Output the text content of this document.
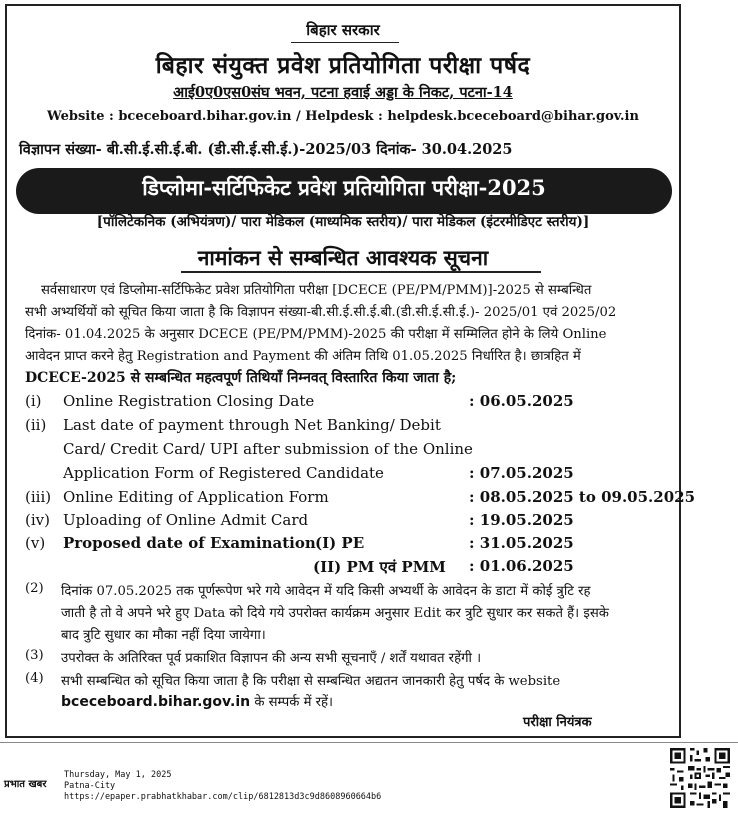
बिहार सरकार
बिहार संयुक्त प्रवेश प्रतियोगिता परीक्षा पर्षद
आई0ए0एस0संघ भवन, पटना हवाई अड्डा के निकट, पटना-14
Website : bceceboard.bihar.gov.in / Helpdesk : helpdesk.bceceboard@bihar.gov.in
विज्ञापन संख्या- बी.सी.ई.सी.ई.बी. (डी.सी.ई.सी.ई.)-2025/03 दिनांक- 30.04.2025
डिप्लोमा-सर्टिफिकेट प्रवेश प्रतियोगिता परीक्षा-2025
[पॉलिटेकनिक (अभियंत्रण)/ पारा मेडिकल (माध्यमिक स्तरीय)/ पारा मेडिकल (इंटरमीडिएट स्तरीय)]
नामांकन से सम्बन्धित आवश्यक सूचना
सर्वसाधारण एवं डिप्लोमा-सर्टिफिकेट प्रवेश प्रतियोगिता परीक्षा [DCECE (PE/PM/PMM)]-2025 से सम्बन्धित
सभी अभ्यर्थियों को सूचित किया जाता है कि विज्ञापन संख्या-बी.सी.ई.सी.ई.बी.(डी.सी.ई.सी.ई.)- 2025/01 एवं 2025/02
दिनांक- 01.04.2025 के अनुसार DCECE (PE/PM/PMM)-2025 की परीक्षा में सम्मिलित होने के लिये Online
आवेदन प्राप्त करने हेतु Registration and Payment की अंतिम तिथि 01.05.2025 निर्धारित है। छात्रहित में
DCECE-2025 से सम्बन्धित महत्वपूर्ण तिथियाँ निम्नवत् विस्तारित किया जाता है;
(i) Online Registration Closing Date	: 06.05.2025
(ii) Last date of payment through Net Banking/ Debit
Card/ Credit Card/ UPI after submission of the Online
Application Form of Registered Candidate	: 07.05.2025
(iii) Online Editing of Application Form	: 08.05.2025 to 09.05.2025
(iv) Uploading of Online Admit Card	: 19.05.2025
(v) Proposed date of Examination (I) PE	: 31.05.2025
(II) PM एवं PMM : 01.06.2025
(2) दिनांक 07.05.2025 तक पूर्णरूपेण भरे गये आवेदन में यदि किसी अभ्यर्थी के आवेदन के डाटा में कोई त्रुटि रह
जाती है तो वे अपने भरे हुए Data को दिये गये उपरोक्त कार्यक्रम अनुसार Edit कर त्रुटि सुधार कर सकते हैं। इसके
बाद त्रुटि सुधार का मौका नहीं दिया जायेगा।
(3) उपरोक्त के अतिरिक्त पूर्व प्रकाशित विज्ञापन की अन्य सभी सूचनाएँ / शर्तें यथावत रहेंगी ।
(4) सभी सम्बन्धित को सूचित किया जाता है कि परीक्षा से सम्बन्धित अद्यतन जानकारी हेतु पर्षद के website
bceceboard.bihar.gov.in के सम्पर्क में रहें।
परीक्षा नियंत्रक
प्रभात खबर
Thursday, May 1, 2025
Patna-City
https://epaper.prabhatkhabar.com/clip/6812813d3c9d8608960664b6
